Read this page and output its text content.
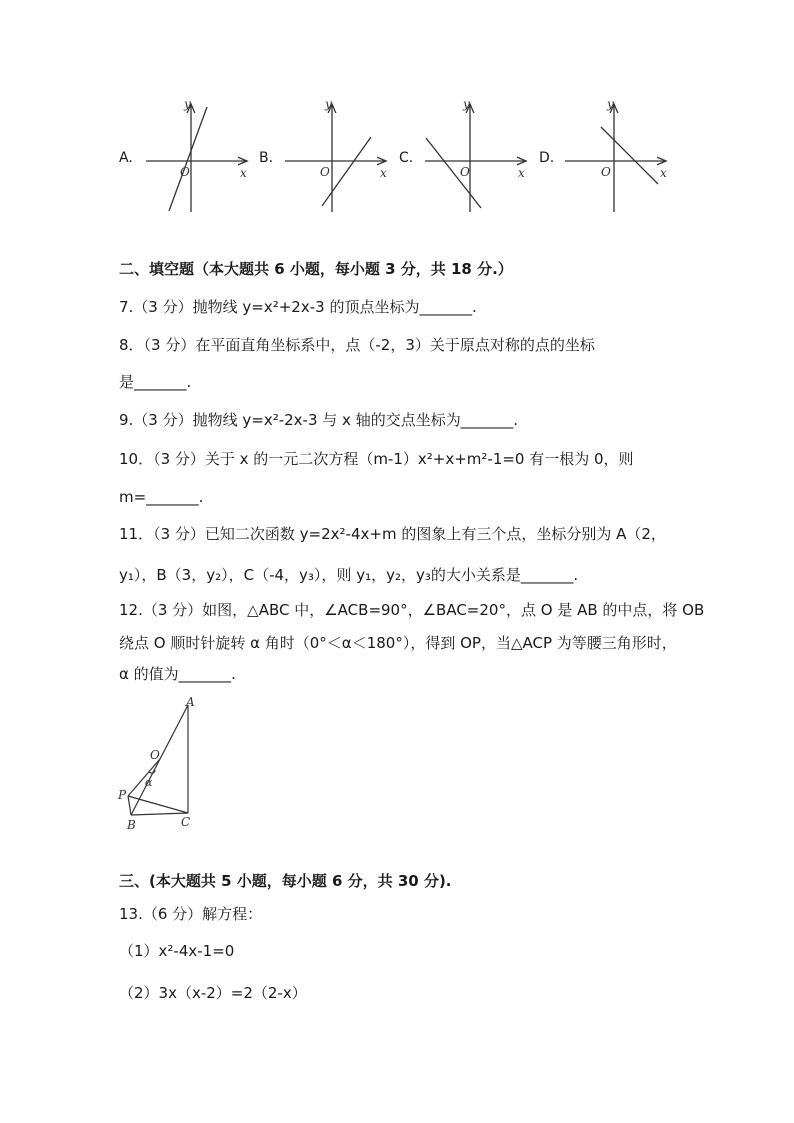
A.	B.	C.	D.
y
x
O
y
x
O
y
x
O
y
x
O
二、填空题（本大题共 6 小题，每小题 3 分，共 18 分.）
7.（3 分）抛物线 y=x²+2x-3 的顶点坐标为_______.
8．（3 分）在平面直角坐标系中，点（-2，3）关于原点对称的点的坐标
是_______.
9.（3 分）抛物线 y=x²-2x-3 与 x 轴的交点坐标为_______.
10．（3 分）关于 x 的一元二次方程（m-1）x²+x+m²-1=0 有一根为 0，则
m=_______.
11．（3 分）已知二次函数 y=2x²-4x+m 的图象上有三个点，坐标分别为 A（2，
y₁），B（3，y₂），C（-4，y₃），则 y₁，y₂，y₃的大小关系是_______.
12.（3 分）如图，△ABC 中，∠ACB=90°，∠BAC=20°，点 O 是 AB 的中点，将 OB
绕点 O 顺时针旋转 α 角时（0°＜α＜180°），得到 OP，当△ACP 为等腰三角形时，
α 的值为_______.
A
O
α
P
B	C
三、(本大题共 5 小题，每小题 6 分，共 30 分).
13.（6 分）解方程：
（1）x²-4x-1=0
（2）3x（x-2）=2（2-x）
